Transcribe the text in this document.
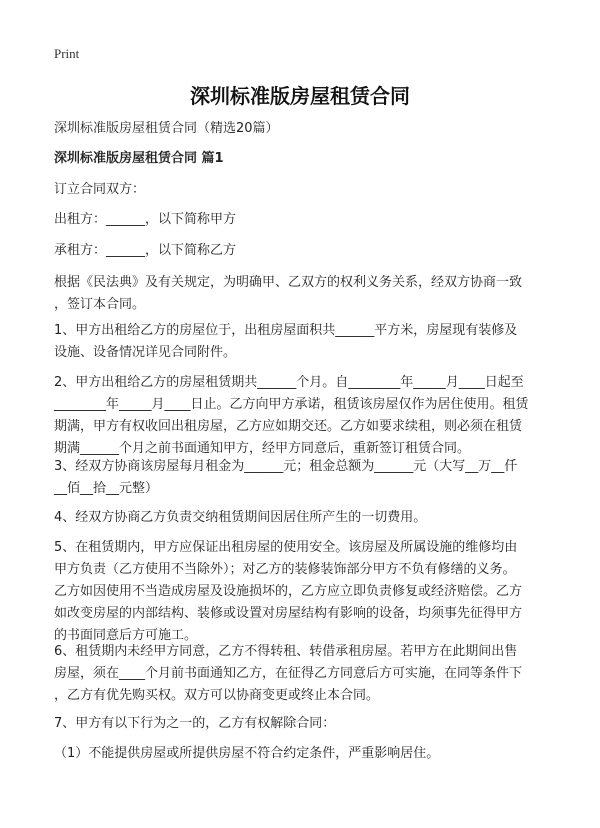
Print
深圳标准版房屋租赁合同
深圳标准版房屋租赁合同（精选20篇）
深圳标准版房屋租赁合同 篇1
订立合同双方：
出租方：______，以下简称甲方
承租方：______，以下简称乙方
根据《民法典》及有关规定，为明确甲、乙双方的权利义务关系，经双方协商一致
，签订本合同。
1、甲方出租给乙方的房屋位于，出租房屋面积共______平方米，房屋现有装修及
设施、设备情况详见合同附件。
2、甲方出租给乙方的房屋租赁期共______个月。自________年_____月____日起至
________年_____月____日止。乙方向甲方承诺，租赁该房屋仅作为居住使用。租赁
期满，甲方有权收回出租房屋，乙方应如期交还。乙方如要求续租，则必须在租赁
期满______个月之前书面通知甲方，经甲方同意后，重新签订租赁合同。
3、经双方协商该房屋每月租金为______元；租金总额为______元（大写__万__仟
__佰__拾__元整）
4、经双方协商乙方负责交纳租赁期间因居住所产生的一切费用。
5、在租赁期内，甲方应保证出租房屋的使用安全。该房屋及所属设施的维修均由
甲方负责（乙方使用不当除外）；对乙方的装修装饰部分甲方不负有修缮的义务。
乙方如因使用不当造成房屋及设施损坏的，乙方应立即负责修复或经济赔偿。乙方
如改变房屋的内部结构、装修或设置对房屋结构有影响的设备，均须事先征得甲方
的书面同意后方可施工。
6、租赁期内未经甲方同意，乙方不得转租、转借承租房屋。若甲方在此期间出售
房屋，须在____个月前书面通知乙方，在征得乙方同意后方可实施，在同等条件下
，乙方有优先购买权。双方可以协商变更或终止本合同。
7、甲方有以下行为之一的，乙方有权解除合同：
（1）不能提供房屋或所提供房屋不符合约定条件，严重影响居住。
